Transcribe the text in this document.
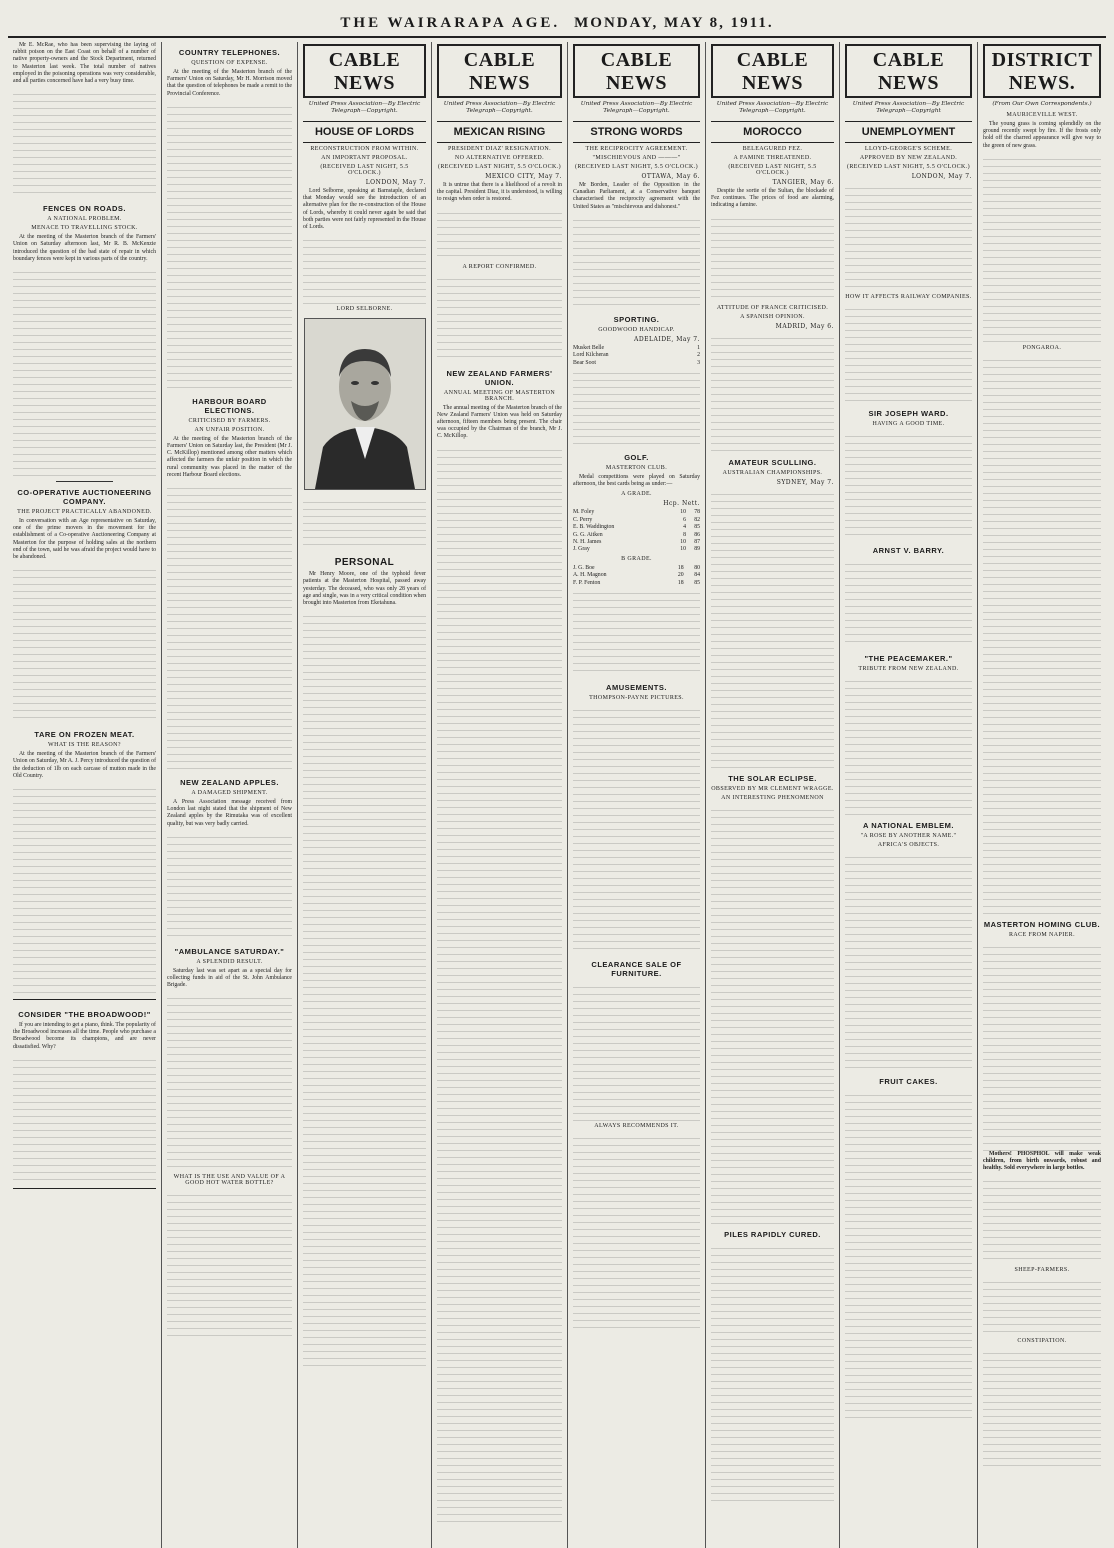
THE WAIRARAPA AGE. MONDAY, MAY 8, 1911.

Mr E. McRae, who has been supervising the laying of rabbit poison on the East Coast on behalf of a number of native property-owners and the Stock Department, returned to Masterton last week. The total number of natives employed in the poisoning operations was very considerable, and all parties concerned have had a very busy time.

FENCES ON ROADS.
A NATIONAL PROBLEM.
MENACE TO TRAVELLING STOCK.

At the meeting of the Masterton branch of the Farmers' Union on Saturday afternoon last, Mr R. B. McKenzie introduced the question of the bad state of repair in which boundary fences were kept in various parts of the country.

CO-OPERATIVE AUCTIONEERING COMPANY.
THE PROJECT PRACTICALLY ABANDONED.

In conversation with an Age representative on Saturday, one of the prime movers in the movement for the establishment of a Co-operative Auctioneering Company at Masterton for the purpose of holding sales at the northern end of the town, said he was afraid the project would have to be abandoned.

TARE ON FROZEN MEAT.
WHAT IS THE REASON?

At the meeting of the Masterton branch of the Farmers' Union on Saturday, Mr A. J. Percy introduced the question of the deduction of 1lb on each carcase of mutton made in the Old Country.

CONSIDER "THE BROADWOOD!"

If you are intending to get a piano, think. The popularity of the Broadwood increases all the time. People who purchase a Broadwood become its champions, and are never dissatisfied. Why?

COUNTRY TELEPHONES.
QUESTION OF EXPENSE.

At the meeting of the Masterton branch of the Farmers' Union on Saturday, Mr H. Morrison moved that the question of telephones be made a remit to the Provincial Conference.

HARBOUR BOARD ELECTIONS.
CRITICISED BY FARMERS.
AN UNFAIR POSITION.

At the meeting of the Masterton branch of the Farmers' Union on Saturday last, the President (Mr J. C. McKillop) mentioned among other matters which affected the farmers the unfair position in which the rural community was placed in the matter of the recent Harbour Board elections.

NEW ZEALAND APPLES.
A DAMAGED SHIPMENT.

A Press Association message received from London last night stated that the shipment of New Zealand apples by the Rimutaka was of excellent quality, but was very badly carried.

"AMBULANCE SATURDAY."
A SPLENDID RESULT.

Saturday last was set apart as a special day for collecting funds in aid of the St. John Ambulance Brigade.

WHAT IS THE USE AND VALUE OF A GOOD HOT WATER BOTTLE?
CABLE NEWS
United Press Association—By Electric Telegraph—Copyright.
HOUSE OF LORDS
RECONSTRUCTION FROM WITHIN.
AN IMPORTANT PROPOSAL.
(RECEIVED LAST NIGHT, 5.5 O'CLOCK.)
LONDON, May 7.

Lord Selborne, speaking at Barnstaple, declared that Monday would see the introduction of an alternative plan for the re-construction of the House of Lords, whereby it could never again be said that both parties were not fairly represented in the House of Lords.

LORD SELBORNE.
PERSONAL

Mr Henry Moore, one of the typhoid fever patients at the Masterton Hospital, passed away yesterday. The deceased, who was only 28 years of age and single, was in a very critical condition when brought into Masterton from Eketahuna.

CABLE NEWS
United Press Association—By Electric Telegraph—Copyright.
MEXICAN RISING
PRESIDENT DIAZ' RESIGNATION.
NO ALTERNATIVE OFFERED.
(RECEIVED LAST NIGHT, 5.5 O'CLOCK.)
MEXICO CITY, May 7.

It is untrue that there is a likelihood of a revolt in the capital. President Diaz, it is understood, is willing to resign when order is restored.

A REPORT CONFIRMED.
NEW ZEALAND FARMERS' UNION.
ANNUAL MEETING OF MASTERTON BRANCH.

The annual meeting of the Masterton branch of the New Zealand Farmers' Union was held on Saturday afternoon, fifteen members being present. The chair was occupied by the Chairman of the branch, Mr J. C. McKillop.

CABLE NEWS
United Press Association—By Electric Telegraph—Copyright.
STRONG WORDS
THE RECIPROCITY AGREEMENT.
"MISCHIEVOUS AND ———"
(RECEIVED LAST NIGHT, 5.5 O'CLOCK.)
OTTAWA, May 6.

Mr Borden, Leader of the Opposition in the Canadian Parliament, at a Conservative banquet characterised the reciprocity agreement with the United States as "mischievous and dishonest."

SPORTING.
GOODWOOD HANDICAP.
ADELAIDE, May 7.
Musket Belle	1
Lord Kilcheran	2
Bear Soot	3
GOLF.
MASTERTON CLUB.

Medal competitions were played on Saturday afternoon, the best cards being as under:—

A GRADE.
Hcp. Nett.
M. Foley	10	78
C. Perry	6	82
E. B. Waddington	4	85
G. G. Aitken	8	86
N. H. James	10	87
J. Gray	10	89
B GRADE.
J. G. Boe	18	80
A. H. Magnon	20	84
F. P. Fenton	18	85
AMUSEMENTS.
THOMPSON-PAYNE PICTURES.
CLEARANCE SALE OF FURNITURE.
ALWAYS RECOMMENDS IT.
CABLE NEWS
United Press Association—By Electric Telegraph—Copyright.
MOROCCO
BELEAGURED FEZ.
A FAMINE THREATENED.
(RECEIVED LAST NIGHT, 5.5 O'CLOCK.)
TANGIER, May 6.

Despite the sortie of the Sultan, the blockade of Fez continues. The prices of food are alarming, indicating a famine.

ATTITUDE OF FRANCE CRITICISED.
A SPANISH OPINION.
MADRID, May 6.
AMATEUR SCULLING.
AUSTRALIAN CHAMPIONSHIPS.
SYDNEY, May 7.
THE SOLAR ECLIPSE.
OBSERVED BY MR CLEMENT WRAGGE.
AN INTERESTING PHENOMENON
PILES RAPIDLY CURED.
CABLE NEWS
United Press Association—By Electric Telegraph—Copyright
UNEMPLOYMENT
LLOYD-GEORGE'S SCHEME.
APPROVED BY NEW ZEALAND.
(RECEIVED LAST NIGHT, 5.5 O'CLOCK.)
LONDON, May 7.
HOW IT AFFECTS RAILWAY COMPANIES.
SIR JOSEPH WARD.
HAVING A GOOD TIME.
ARNST V. BARRY.
"THE PEACEMAKER."
TRIBUTE FROM NEW ZEALAND.
A NATIONAL EMBLEM.
"A ROSE BY ANOTHER NAME."
AFRICA'S OBJECTS.
FRUIT CAKES.
DISTRICT NEWS.
(From Our Own Correspondents.)
MAURICEVILLE WEST.

The young grass is coming splendidly on the ground recently swept by fire. If the frosts only hold off the charred appearance will give way to the green of new grass.

PONGAROA.
MASTERTON HOMING CLUB.
RACE FROM NAPIER.

Mothers! PHOSPHOL will make weak children, from birth onwards, robust and healthy. Sold everywhere in large bottles.

SHEEP-FARMERS.
CONSTIPATION.
